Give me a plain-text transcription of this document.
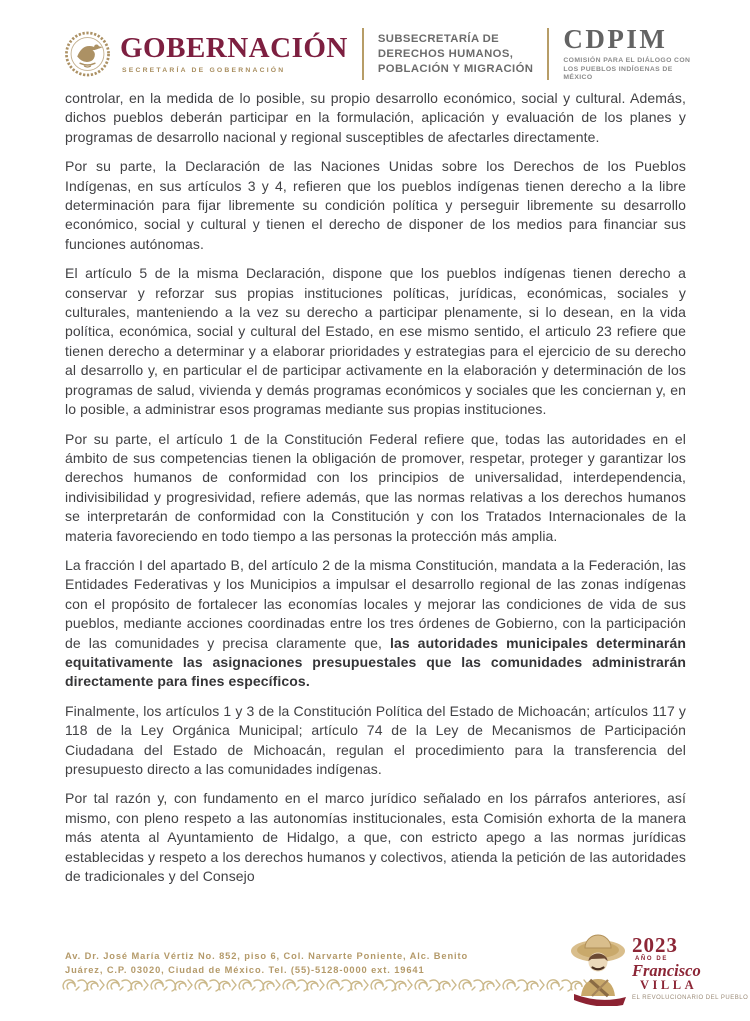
GOBERNACIÓN
SECRETARÍA DE GOBERNACIÓN
SUBSECRETARÍA DE
DERECHOS HUMANOS,
POBLACIÓN Y MIGRACIÓN
CDPIM
COMISIÓN PARA EL DIÁLOGO CON
LOS PUEBLOS INDÍGENAS DE MÉXICO

controlar, en la medida de lo posible, su propio desarrollo económico, social y cultural. Además, dichos pueblos deberán participar en la formulación, aplicación y evaluación de los planes y programas de desarrollo nacional y regional susceptibles de afectarles directamente.

Por su parte, la Declaración de las Naciones Unidas sobre los Derechos de los Pueblos Indígenas, en sus artículos 3 y 4, refieren que los pueblos indígenas tienen derecho a la libre determinación para fijar libremente su condición política y perseguir libremente su desarrollo económico, social y cultural y tienen el derecho de disponer de los medios para financiar sus funciones autónomas.

El artículo 5 de la misma Declaración, dispone que los pueblos indígenas tienen derecho a conservar y reforzar sus propias instituciones políticas, jurídicas, económicas, sociales y culturales, manteniendo a la vez su derecho a participar plenamente, si lo desean, en la vida política, económica, social y cultural del Estado, en ese mismo sentido, el articulo 23 refiere que tienen derecho a determinar y a elaborar prioridades y estrategias para el ejercicio de su derecho al desarrollo y, en particular el de participar activamente en la elaboración y determinación de los programas de salud, vivienda y demás programas económicos y sociales que les conciernan y, en lo posible, a administrar esos programas mediante sus propias instituciones.

Por su parte, el artículo 1 de la Constitución Federal refiere que, todas las autoridades en el ámbito de sus competencias tienen la obligación de promover, respetar, proteger y garantizar los derechos humanos de conformidad con los principios de universalidad, interdependencia, indivisibilidad y progresividad, refiere además, que las normas relativas a los derechos humanos se interpretarán de conformidad con la Constitución y con los Tratados Internacionales de la materia favoreciendo en todo tiempo a las personas la protección más amplia.

La fracción I del apartado B, del artículo 2 de la misma Constitución, mandata a la Federación, las Entidades Federativas y los Municipios a impulsar el desarrollo regional de las zonas indígenas con el propósito de fortalecer las economías locales y mejorar las condiciones de vida de sus pueblos, mediante acciones coordinadas entre los tres órdenes de Gobierno, con la participación de las comunidades y precisa claramente que, las autoridades municipales determinarán equitativamente las asignaciones presupuestales que las comunidades administrarán directamente para fines específicos.

Finalmente, los artículos 1 y 3 de la Constitución Política del Estado de Michoacán; artículos 117 y 118 de la Ley Orgánica Municipal; artículo 74 de la Ley de Mecanismos de Participación Ciudadana del Estado de Michoacán, regulan el procedimiento para la transferencia del presupuesto directo a las comunidades indígenas.

Por tal razón y, con fundamento en el marco jurídico señalado en los párrafos anteriores, así mismo, con pleno respeto a las autonomías institucionales, esta Comisión exhorta de la manera más atenta al Ayuntamiento de Hidalgo, a que, con estricto apego a las normas jurídicas establecidas y respeto a los derechos humanos y colectivos, atienda la petición de las autoridades de tradicionales y del Consejo

Av. Dr. José María Vértiz No. 852, piso 6, Col. Narvarte Poniente, Alc. Benito
Juárez, C.P. 03020, Ciudad de México. Tel. (55)-5128-0000 ext. 19641
2023
AÑO DE
Francisco
VILLA
EL REVOLUCIONARIO DEL PUEBLO
